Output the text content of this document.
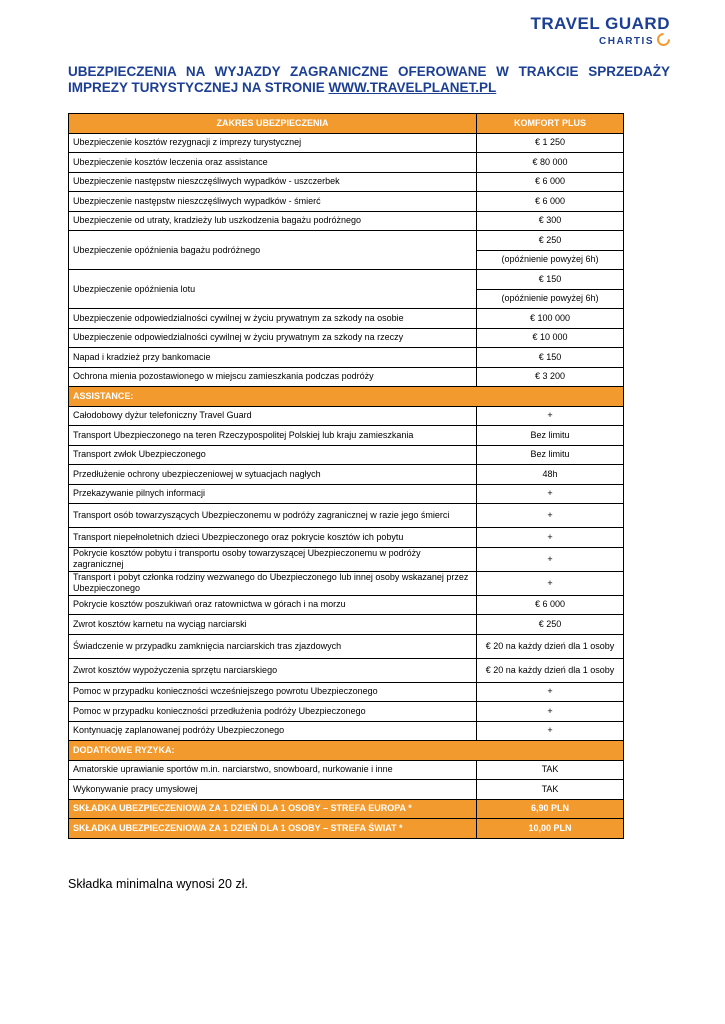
TRAVEL GUARD
CHARTIS
UBEZPIECZENIA NA WYJAZDY ZAGRANICZNE OFEROWANE W TRAKCIE SPRZEDAŻY IMPREZY TURYSTYCZNEJ NA STRONIE WWW.TRAVELPLANET.PL
ZAKRES UBEZPIECZENIA	KOMFORT PLUS
Ubezpieczenie kosztów rezygnacji z imprezy turystycznej	€ 1 250
Ubezpieczenie kosztów leczenia oraz assistance	€ 80 000
Ubezpieczenie następstw nieszczęśliwych wypadków - uszczerbek	€ 6 000
Ubezpieczenie następstw nieszczęśliwych wypadków - śmierć	€ 6 000
Ubezpieczenie od utraty, kradzieży lub uszkodzenia bagażu podróżnego	€ 300
Ubezpieczenie opóźnienia bagażu podróżnego	€ 250
	(opóźnienie powyżej 6h)
Ubezpieczenie opóźnienia lotu	€ 150
	(opóźnienie powyżej 6h)
Ubezpieczenie odpowiedzialności cywilnej w życiu prywatnym za szkody na osobie	€ 100 000
Ubezpieczenie odpowiedzialności cywilnej w życiu prywatnym za szkody na rzeczy	€ 10 000
Napad i kradzież przy bankomacie	€ 150
Ochrona mienia pozostawionego w miejscu zamieszkania podczas podróży	€ 3 200
ASSISTANCE:	
Całodobowy dyżur telefoniczny Travel Guard	+
Transport Ubezpieczonego na teren Rzeczypospolitej Polskiej lub kraju zamieszkania	Bez limitu
Transport zwłok Ubezpieczonego	Bez limitu
Przedłużenie ochrony ubezpieczeniowej w sytuacjach nagłych	48h
Przekazywanie pilnych informacji	+
Transport osób towarzyszących Ubezpieczonemu w podróży zagranicznej w razie jego śmierci	+
Transport niepełnoletnich dzieci Ubezpieczonego oraz pokrycie kosztów ich pobytu	+
Pokrycie kosztów pobytu i transportu osoby towarzyszącej Ubezpieczonemu w podróży zagranicznej	+
Transport i pobyt członka rodziny wezwanego do Ubezpieczonego lub innej osoby wskazanej przez Ubezpieczonego	+
Pokrycie kosztów poszukiwań oraz ratownictwa w górach i na morzu	€ 6 000
Zwrot kosztów karnetu na wyciąg narciarski	€ 250
Świadczenie w przypadku zamknięcia narciarskich tras zjazdowych	€ 20 na każdy dzień dla 1 osoby
Zwrot kosztów wypożyczenia sprzętu narciarskiego	€ 20 na każdy dzień dla 1 osoby
Pomoc w przypadku konieczności wcześniejszego powrotu Ubezpieczonego	+
Pomoc w przypadku konieczności przedłużenia podróży Ubezpieczonego	+
Kontynuację zaplanowanej podróży Ubezpieczonego	+
DODATKOWE RYZYKA:	
Amatorskie uprawianie sportów m.in. narciarstwo, snowboard, nurkowanie i inne	TAK
Wykonywanie pracy umysłowej	TAK
SKŁADKA UBEZPIECZENIOWA ZA 1 DZIEŃ DLA 1 OSOBY – STREFA EUROPA *	6,90 PLN
SKŁADKA UBEZPIECZENIOWA ZA 1 DZIEŃ DLA 1 OSOBY – STREFA ŚWIAT *	10,00 PLN
Składka minimalna wynosi 20 zł.
